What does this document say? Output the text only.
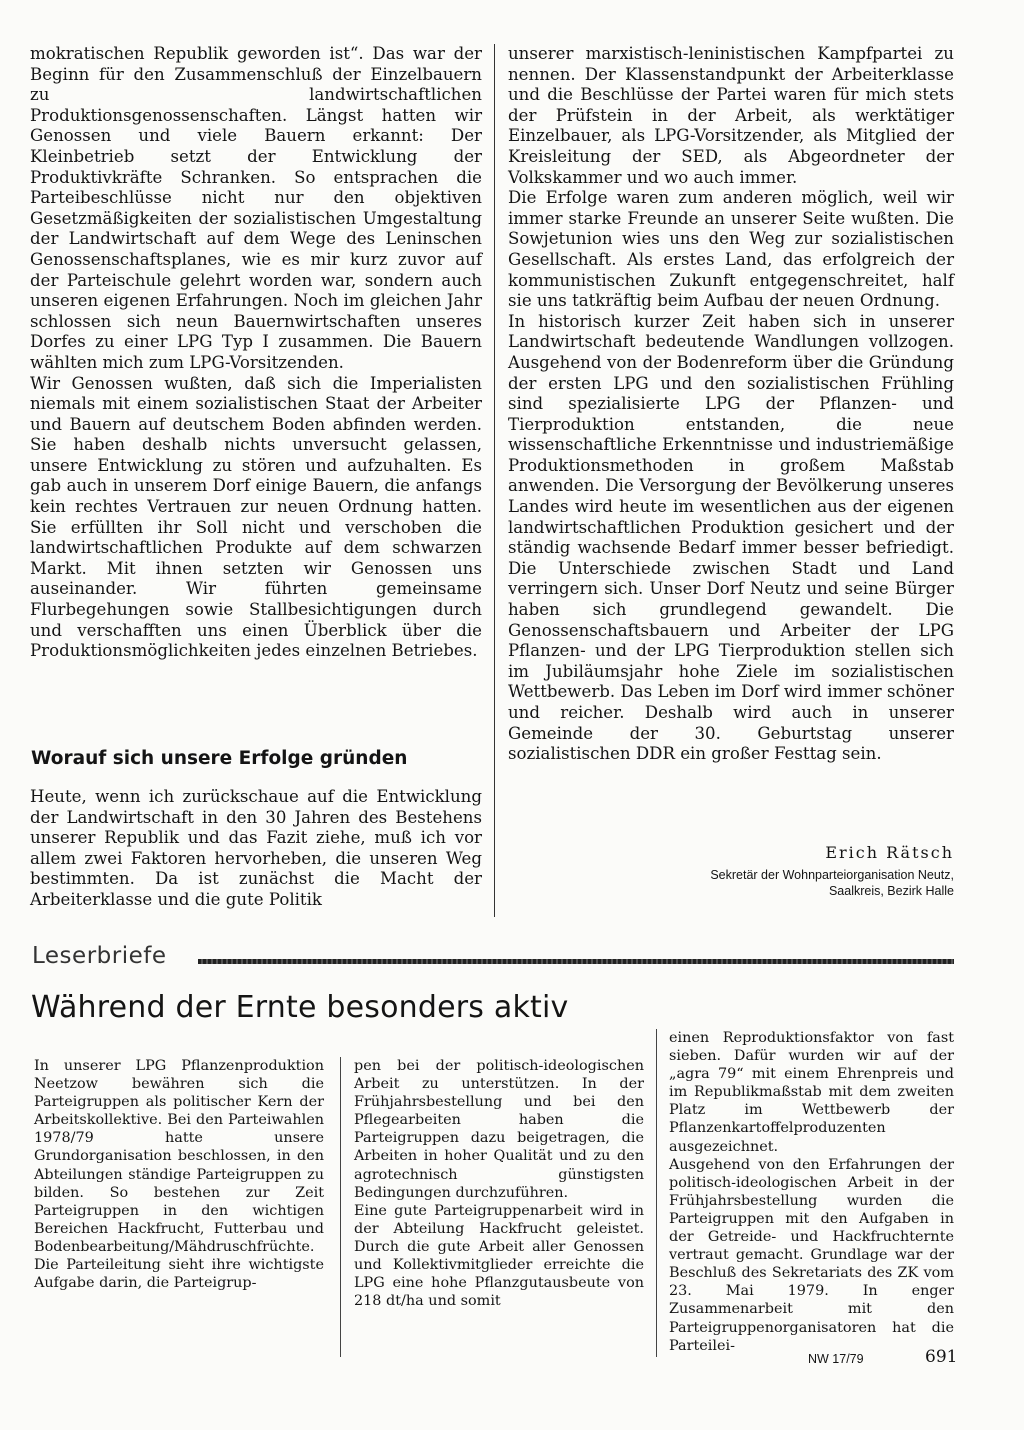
mokratischen Republik geworden ist“. Das war der Beginn für den Zusammenschluß der Einzelbauern zu landwirtschaftlichen Produktionsgenossenschaften. Längst hatten wir Genossen und viele Bauern erkannt: Der Kleinbetrieb setzt der Entwicklung der Produktivkräfte Schranken. So entsprachen die Parteibeschlüsse nicht nur den objektiven Gesetzmäßigkeiten der sozialistischen Umgestaltung der Landwirtschaft auf dem Wege des Leninschen Genossenschaftsplanes, wie es mir kurz zuvor auf der Parteischule gelehrt worden war, sondern auch unseren eigenen Erfahrungen. Noch im gleichen Jahr schlossen sich neun Bauernwirtschaften unseres Dorfes zu einer LPG Typ I zusammen. Die Bauern wählten mich zum LPG-Vorsitzenden.

Wir Genossen wußten, daß sich die Imperialisten niemals mit einem sozialistischen Staat der Arbeiter und Bauern auf deutschem Boden abfinden werden. Sie haben deshalb nichts unversucht gelassen, unsere Entwicklung zu stören und aufzuhalten. Es gab auch in unserem Dorf einige Bauern, die anfangs kein rechtes Vertrauen zur neuen Ordnung hatten. Sie erfüllten ihr Soll nicht und verschoben die landwirtschaftlichen Produkte auf dem schwarzen Markt. Mit ihnen setzten wir Genossen uns auseinander. Wir führten gemeinsame Flurbegehungen sowie Stallbesichtigungen durch und verschafften uns einen Überblick über die Produktionsmöglichkeiten jedes einzelnen Betriebes.

Worauf sich unsere Erfolge gründen

Heute, wenn ich zurückschaue auf die Entwicklung der Landwirtschaft in den 30 Jahren des Bestehens unserer Republik und das Fazit ziehe, muß ich vor allem zwei Faktoren hervorheben, die unseren Weg bestimmten. Da ist zunächst die Macht der Arbeiterklasse und die gute Politik

unserer marxistisch-leninistischen Kampfpartei zu nennen. Der Klassenstandpunkt der Arbeiterklasse und die Beschlüsse der Partei waren für mich stets der Prüfstein in der Arbeit, als werktätiger Einzelbauer, als LPG-Vorsitzender, als Mitglied der Kreisleitung der SED, als Abgeordneter der Volkskammer und wo auch immer.

Die Erfolge waren zum anderen möglich, weil wir immer starke Freunde an unserer Seite wußten. Die Sowjetunion wies uns den Weg zur sozialistischen Gesellschaft. Als erstes Land, das erfolgreich der kommunistischen Zukunft entgegenschreitet, half sie uns tatkräftig beim Aufbau der neuen Ordnung.

In historisch kurzer Zeit haben sich in unserer Landwirtschaft bedeutende Wandlungen vollzogen. Ausgehend von der Bodenreform über die Gründung der ersten LPG und den sozialistischen Frühling sind spezialisierte LPG der Pflanzen- und Tierproduktion entstanden, die neue wissenschaftliche Erkenntnisse und industriemäßige Produktionsmethoden in großem Maßstab anwenden. Die Versorgung der Bevölkerung unseres Landes wird heute im wesentlichen aus der eigenen landwirtschaftlichen Produktion gesichert und der ständig wachsende Bedarf immer besser befriedigt. Die Unterschiede zwischen Stadt und Land verringern sich. Unser Dorf Neutz und seine Bürger haben sich grundlegend gewandelt. Die Genossenschaftsbauern und Arbeiter der LPG Pflanzen- und der LPG Tierproduktion stellen sich im Jubiläumsjahr hohe Ziele im sozialistischen Wettbewerb. Das Leben im Dorf wird immer schöner und reicher. Deshalb wird auch in unserer Gemeinde der 30. Geburtstag unserer sozialistischen DDR ein großer Festtag sein.

Erich Rätsch
Sekretär der Wohnparteiorganisation Neutz,
Saalkreis, Bezirk Halle
Leserbriefe
Während der Ernte besonders aktiv

In unserer LPG Pflanzenproduktion Neetzow bewähren sich die Parteigruppen als politischer Kern der Arbeitskollektive. Bei den Parteiwahlen 1978/79 hatte unsere Grundorganisation beschlossen, in den Abteilungen ständige Parteigruppen zu bilden. So bestehen zur Zeit Parteigruppen in den wichtigen Bereichen Hackfrucht, Futterbau und Bodenbearbeitung/Mähdruschfrüchte.

Die Parteileitung sieht ihre wichtigste Aufgabe darin, die Parteigrup-

pen bei der politisch-ideologischen Arbeit zu unterstützen. In der Frühjahrsbestellung und bei den Pflegearbeiten haben die Parteigruppen dazu beigetragen, die Arbeiten in hoher Qualität und zu den agrotechnisch günstigsten Bedingungen durchzuführen.

Eine gute Parteigruppenarbeit wird in der Abteilung Hackfrucht geleistet. Durch die gute Arbeit aller Genossen und Kollektivmitglieder erreichte die LPG eine hohe Pflanzgutausbeute von 218 dt/ha und somit

einen Reproduktionsfaktor von fast sieben. Dafür wurden wir auf der „agra 79“ mit einem Ehrenpreis und im Republikmaßstab mit dem zweiten Platz im Wettbewerb der Pflanzenkartoffelproduzenten ausgezeichnet.

Ausgehend von den Erfahrungen der politisch-ideologischen Arbeit in der Frühjahrsbestellung wurden die Parteigruppen mit den Aufgaben in der Getreide- und Hackfruchternte vertraut gemacht. Grundlage war der Beschluß des Sekretariats des ZK vom 23. Mai 1979. In enger Zusammenarbeit mit den Parteigruppenorganisatoren hat die Parteilei-

NW 17/79	691
